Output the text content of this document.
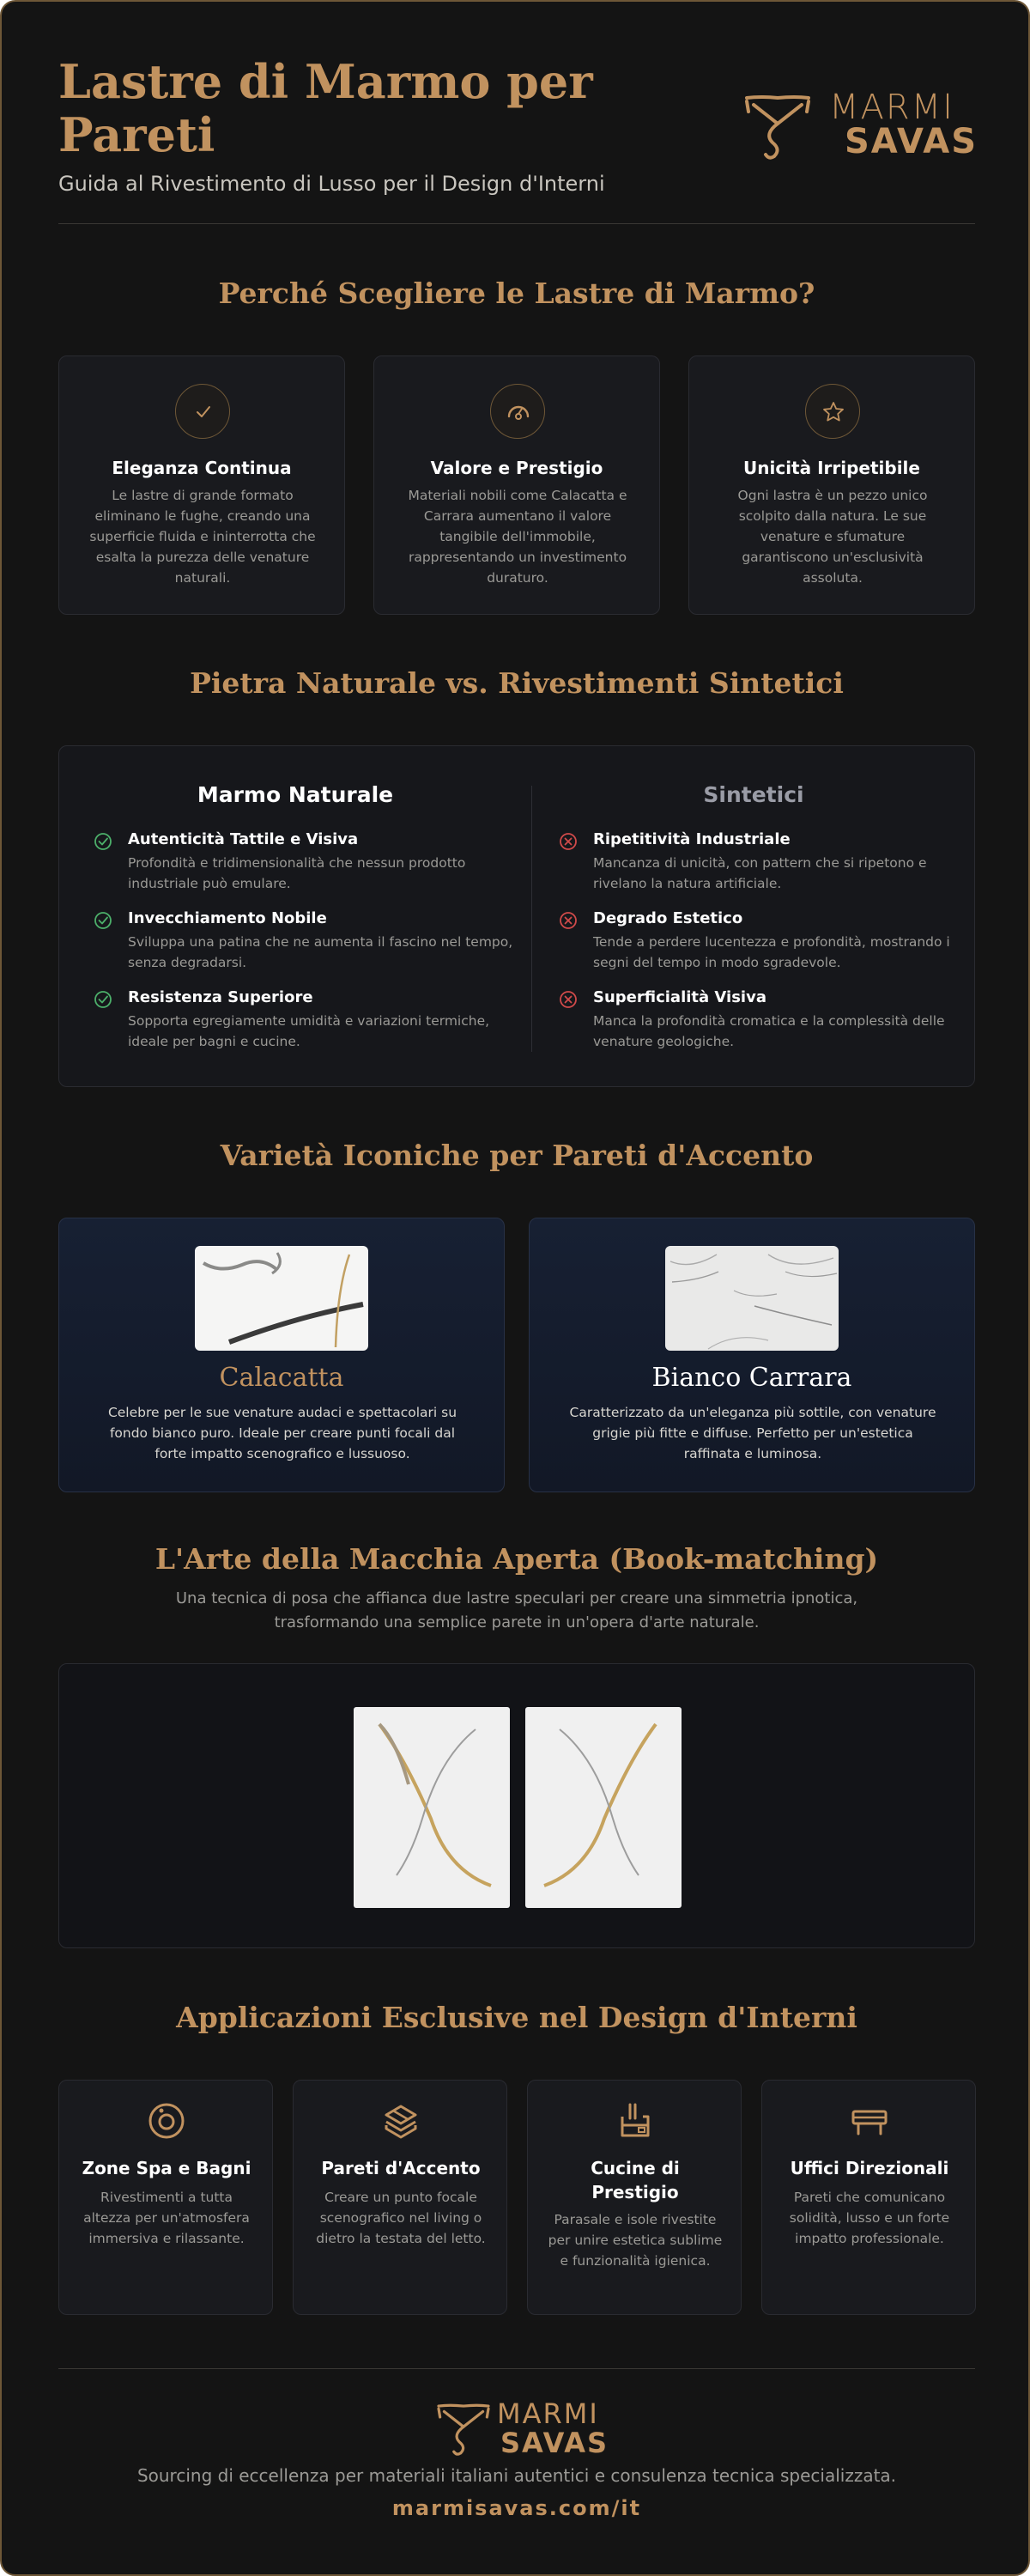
Lastre di Marmo per Pareti
Guida al Rivestimento di Lusso per il Design d'Interni
MARMI
SAVAS
Perché Scegliere le Lastre di Marmo?
Eleganza Continua

Le lastre di grande formato eliminano le fughe, creando una superficie fluida e ininterrotta che esalta la purezza delle venature naturali.

Valore e Prestigio

Materiali nobili come Calacatta e Carrara aumentano il valore tangibile dell'immobile, rappresentando un investimento duraturo.

Unicità Irripetibile

Ogni lastra è un pezzo unico scolpito dalla natura. Le sue venature e sfumature garantiscono un'esclusività assoluta.

Pietra Naturale vs. Rivestimenti Sintetici
Marmo Naturale	Sintetici
Autenticità Tattile e Visiva
Profondità e tridimensionalità che nessun prodotto industriale può emulare.
Invecchiamento Nobile
Sviluppa una patina che ne aumenta il fascino nel tempo, senza degradarsi.
Resistenza Superiore
Sopporta egregiamente umidità e variazioni termiche, ideale per bagni e cucine.
Ripetitività Industriale
Mancanza di unicità, con pattern che si ripetono e rivelano la natura artificiale.
Degrado Estetico
Tende a perdere lucentezza e profondità, mostrando i segni del tempo in modo sgradevole.
Superficialità Visiva
Manca la profondità cromatica e la complessità delle venature geologiche.
Varietà Iconiche per Pareti d'Accento
Calacatta

Celebre per le sue venature audaci e spettacolari su fondo bianco puro. Ideale per creare punti focali dal forte impatto scenografico e lussuoso.

Bianco Carrara

Caratterizzato da un'eleganza più sottile, con venature grigie più fitte e diffuse. Perfetto per un'estetica raffinata e luminosa.

L'Arte della Macchia Aperta (Book-matching)
Una tecnica di posa che affianca due lastre speculari per creare una simmetria ipnotica, trasformando una semplice parete in un'opera d'arte naturale.
Applicazioni Esclusive nel Design d'Interni
Zone Spa e Bagni

Rivestimenti a tutta altezza per un'atmosfera immersiva e rilassante.

Pareti d'Accento

Creare un punto focale scenografico nel living o dietro la testata del letto.

Cucine di Prestigio

Parasale e isole rivestite per unire estetica sublime e funzionalità igienica.

Uffici Direzionali

Pareti che comunicano solidità, lusso e un forte impatto professionale.

MARMI
SAVAS
Sourcing di eccellenza per materiali italiani autentici e consulenza tecnica specializzata.
marmisavas.com/it
